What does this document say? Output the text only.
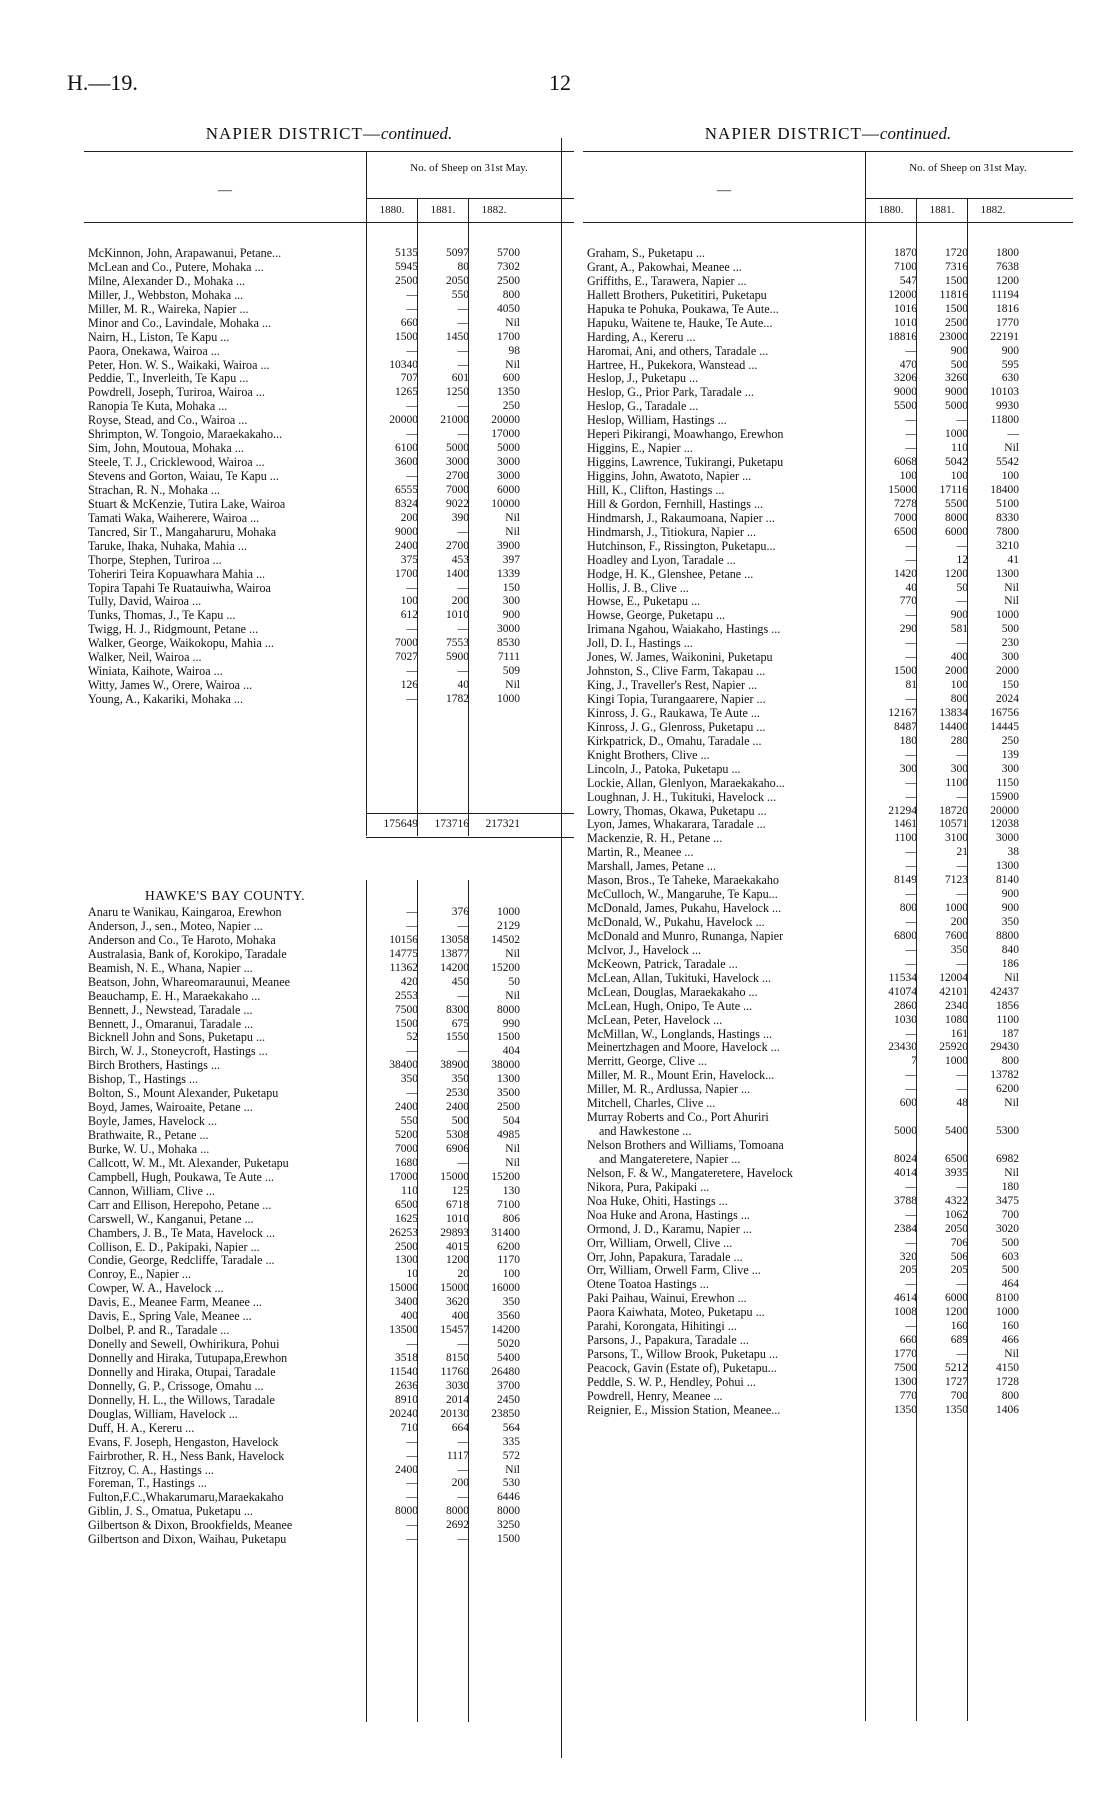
H.—19.	12
NAPIER DISTRICT—continued.
No. of Sheep on 31st May.
1880.	1881.	1882.
—
McKinnon, John, Arapawanui, Petane...	5135	5097	5700
McLean and Co., Putere, Mohaka ...	5945	80	7302
Milne, Alexander D., Mohaka ...	2500	2050	2500
Miller, J., Webbston, Mohaka ...	—	550	800
Miller, M. R., Waireka, Napier ...	—	—	4050
Minor and Co., Lavindale, Mohaka ...	660	—	Nil
Nairn, H., Liston, Te Kapu ...	1500	1450	1700
Paora, Onekawa, Wairoa ...	—	—	98
Peter, Hon. W. S., Waikaki, Wairoa ...	10340	—	Nil
Peddie, T., Inverleith, Te Kapu ...	707	601	600
Powdrell, Joseph, Turiroa, Wairoa ...	1265	1250	1350
Ranopia Te Kuta, Mohaka ...	—	—	250
Royse, Stead, and Co., Wairoa ...	20000	21000	20000
Shrimpton, W. Tongoio, Maraekakaho...	—	—	17000
Sim, John, Moutoua, Mohaka ...	6100	5000	5000
Steele, T. J., Cricklewood, Wairoa ...	3600	3000	3000
Stevens and Gorton, Waiau, Te Kapu ...	—	2700	3000
Strachan, R. N., Mohaka ...	6555	7000	6000
Stuart & McKenzie, Tutira Lake, Wairoa	8324	9022	10000
Tamati Waka, Waiherere, Wairoa ...	200	390	Nil
Tancred, Sir T., Mangaharuru, Mohaka	9000	—	Nil
Taruke, Ihaka, Nuhaka, Mahia ...	2400	2700	3900
Thorpe, Stephen, Turiroa ...	375	453	397
Toheriri Teira Kopuawhara Mahia ...	1700	1400	1339
Topira Tapahi Te Ruatauiwha, Wairoa	—	—	150
Tully, David, Wairoa ...	100	200	300
Tunks, Thomas, J., Te Kapu ...	612	1010	900
Twigg, H. J., Ridgmount, Petane ...	—	—	3000
Walker, George, Waikokopu, Mahia ...	7000	7553	8530
Walker, Neil, Wairoa ...	7027	5900	7111
Winiata, Kaihote, Wairoa ...	—	—	509
Witty, James W., Orere, Wairoa ...	126	40	Nil
Young, A., Kakariki, Mohaka ...	—	1782	1000
175649	173716	217321
HAWKE'S BAY COUNTY.
Anaru te Wanikau, Kaingaroa, Erewhon	—	376	1000
Anderson, J., sen., Moteo, Napier ...	—	—	2129
Anderson and Co., Te Haroto, Mohaka	10156	13058	14502
Australasia, Bank of, Korokipo, Taradale	14775	13877	Nil
Beamish, N. E., Whana, Napier ...	11362	14200	15200
Beatson, John, Whareomaraunui, Meanee	420	450	50
Beauchamp, E. H., Maraekakaho ...	2553	—	Nil
Bennett, J., Newstead, Taradale ...	7500	8300	8000
Bennett, J., Omaranui, Taradale ...	1500	675	990
Bicknell John and Sons, Puketapu ...	52	1550	1500
Birch, W. J., Stoneycroft, Hastings ...	—	—	404
Birch Brothers, Hastings ...	38400	38900	38000
Bishop, T., Hastings ...	350	350	1300
Bolton, S., Mount Alexander, Puketapu	—	2530	3500
Boyd, James, Wairoaite, Petane ...	2400	2400	2500
Boyle, James, Havelock ...	550	500	504
Brathwaite, R., Petane ...	5200	5308	4985
Burke, W. U., Mohaka ...	7000	6906	Nil
Callcott, W. M., Mt. Alexander, Puketapu	1680	—	Nil
Campbell, Hugh, Poukawa, Te Aute ...	17000	15000	15200
Cannon, William, Clive ...	110	125	130
Carr and Ellison, Herepoho, Petane ...	6500	6718	7100
Carswell, W., Kanganui, Petane ...	1625	1010	806
Chambers, J. B., Te Mata, Havelock ...	26253	29893	31400
Collison, E. D., Pakipaki, Napier ...	2500	4015	6200
Condie, George, Redcliffe, Taradale ...	1300	1200	1170
Conroy, E., Napier ...	10	20	100
Cowper, W. A., Havelock ...	15000	15000	16000
Davis, E., Meanee Farm, Meanee ...	3400	3620	350
Davis, E., Spring Vale, Meanee ...	400	400	3560
Dolbel, P. and R., Taradale ...	13500	15457	14200
Donelly and Sewell, Owhirikura, Pohui	—	—	5020
Donnelly and Hiraka, Tutupapa,Erewhon	3518	8150	5400
Donnelly and Hiraka, Otupai, Taradale	11540	11760	26480
Donnelly, G. P., Crissoge, Omahu ...	2636	3030	3700
Donnelly, H. L., the Willows, Taradale	8910	2014	2450
Douglas, William, Havelock ...	20240	20130	23850
Duff, H. A., Kereru ...	710	664	564
Evans, F. Joseph, Hengaston, Havelock	—	—	335
Fairbrother, R. H., Ness Bank, Havelock	—	1117	572
Fitzroy, C. A., Hastings ...	2400	—	Nil
Foreman, T., Hastings ...	—	200	530
Fulton,F.C.,Whakarumaru,Maraekakaho	—	—	6446
Giblin, J. S., Omatua, Puketapu ...	8000	8000	8000
Gilbertson & Dixon, Brookfields, Meanee	—	2692	3250
Gilbertson and Dixon, Waihau, Puketapu	—	—	1500
NAPIER DISTRICT—continued.
No. of Sheep on 31st May.
1880.	1881.	1882.
—
Graham, S., Puketapu ...	1870	1720	1800
Grant, A., Pakowhai, Meanee ...	7100	7316	7638
Griffiths, E., Tarawera, Napier ...	547	1500	1200
Hallett Brothers, Puketitiri, Puketapu	12000	11816	11194
Hapuka te Pohuka, Poukawa, Te Aute...	1016	1500	1816
Hapuku, Waitene te, Hauke, Te Aute...	1010	2500	1770
Harding, A., Kereru ...	18816	23000	22191
Haromai, Ani, and others, Taradale ...	—	900	900
Hartree, H., Pukekora, Wanstead ...	470	500	595
Heslop, J., Puketapu ...	3206	3260	630
Heslop, G., Prior Park, Taradale ...	9000	9000	10103
Heslop, G., Taradale ...	5500	5000	9930
Heslop, William, Hastings ...	—	—	11800
Heperi Pikirangi, Moawhango, Erewhon	—	1000	—
Higgins, E., Napier ...	—	110	Nil
Higgins, Lawrence, Tukirangi, Puketapu	6068	5042	5542
Higgins, John, Awatoto, Napier ...	100	100	100
Hill, K., Clifton, Hastings ...	15000	17116	18400
Hill & Gordon, Fernhill, Hastings ...	7278	5500	5100
Hindmarsh, J., Rakaumoana, Napier ...	7000	8000	8330
Hindmarsh, J., Titiokura, Napier ...	6500	6000	7800
Hutchinson, F., Rissington, Puketapu...	—	—	3210
Hoadley and Lyon, Taradale ...	—	12	41
Hodge, H. K., Glenshee, Petane ...	1420	1200	1300
Hollis, J. B., Clive ...	40	50	Nil
Howse, E., Puketapu ...	770	—	Nil
Howse, George, Puketapu ...	—	900	1000
Irimana Ngahou, Waiakaho, Hastings ...	290	581	500
Joll, D. I., Hastings ...	—	—	230
Jones, W. James, Waikonini, Puketapu	—	400	300
Johnston, S., Clive Farm, Takapau ...	1500	2000	2000
King, J., Traveller's Rest, Napier ...	81	100	150
Kingi Topia, Turangaarere, Napier ...	—	800	2024
Kinross, J. G., Raukawa, Te Aute ...	12167	13834	16756
Kinross, J. G., Glenross, Puketapu ...	8487	14400	14445
Kirkpatrick, D., Omahu, Taradale ...	180	280	250
Knight Brothers, Clive ...	—	—	139
Lincoln, J., Patoka, Puketapu ...	300	300	300
Lockie, Allan, Glenlyon, Maraekakaho...	—	1100	1150
Loughnan, J. H., Tukituki, Havelock ...	—	—	15900
Lowry, Thomas, Okawa, Puketapu ...	21294	18720	20000
Lyon, James, Whakarara, Taradale ...	1461	10571	12038
Mackenzie, R. H., Petane ...	1100	3100	3000
Martin, R., Meanee ...	—	21	38
Marshall, James, Petane ...	—	—	1300
Mason, Bros., Te Taheke, Maraekakaho	8149	7123	8140
McCulloch, W., Mangaruhe, Te Kapu...	—	—	900
McDonald, James, Pukahu, Havelock ...	800	1000	900
McDonald, W., Pukahu, Havelock ...	—	200	350
McDonald and Munro, Runanga, Napier	6800	7600	8800
McIvor, J., Havelock ...	—	350	840
McKeown, Patrick, Taradale ...	—	—	186
McLean, Allan, Tukituki, Havelock ...	11534	12004	Nil
McLean, Douglas, Maraekakaho ...	41074	42101	42437
McLean, Hugh, Onipo, Te Aute ...	2860	2340	1856
McLean, Peter, Havelock ...	1030	1080	1100
McMillan, W., Longlands, Hastings ...	—	161	187
Meinertzhagen and Moore, Havelock ...	23430	25920	29430
Merritt, George, Clive ...	7	1000	800
Miller, M. R., Mount Erin, Havelock...	—	—	13782
Miller, M. R., Ardlussa, Napier ...	—	—	6200
Mitchell, Charles, Clive ...	600	48	Nil
Murray Roberts and Co., Port Ahuriri
and Hawkestone ...	5000	5400	5300
Nelson Brothers and Williams, Tomoana
and Mangateretere, Napier ...	8024	6500	6982
Nelson, F. & W., Mangateretere, Havelock	4014	3935	Nil
Nikora, Pura, Pakipaki ...	—	—	180
Noa Huke, Ohiti, Hastings ...	3788	4322	3475
Noa Huke and Arona, Hastings ...	—	1062	700
Ormond, J. D., Karamu, Napier ...	2384	2050	3020
Orr, William, Orwell, Clive ...	—	706	500
Orr, John, Papakura, Taradale ...	320	506	603
Orr, William, Orwell Farm, Clive ...	205	205	500
Otene Toatoa Hastings ...	—	—	464
Paki Paihau, Wainui, Erewhon ...	4614	6000	8100
Paora Kaiwhata, Moteo, Puketapu ...	1008	1200	1000
Parahi, Korongata, Hihitingi ...	—	160	160
Parsons, J., Papakura, Taradale ...	660	689	466
Parsons, T., Willow Brook, Puketapu ...	1770	—	Nil
Peacock, Gavin (Estate of), Puketapu...	7500	5212	4150
Peddle, S. W. P., Hendley, Pohui ...	1300	1727	1728
Powdrell, Henry, Meanee ...	770	700	800
Reignier, E., Mission Station, Meanee...	1350	1350	1406
